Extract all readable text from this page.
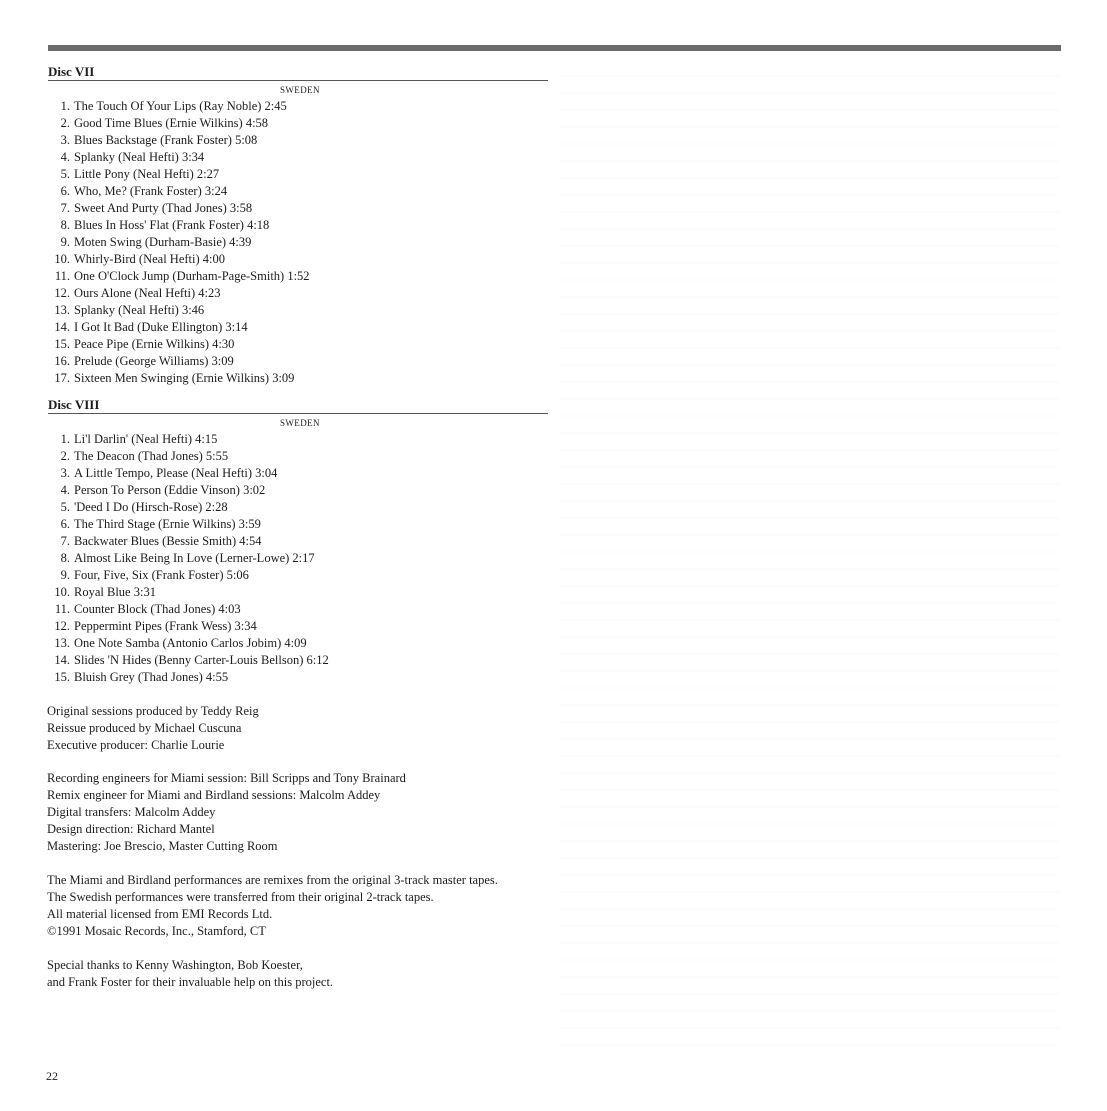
Disc VII
SWEDEN
1. The Touch Of Your Lips (Ray Noble) 2:45
2. Good Time Blues (Ernie Wilkins) 4:58
3. Blues Backstage (Frank Foster) 5:08
4. Splanky (Neal Hefti) 3:34
5. Little Pony (Neal Hefti) 2:27
6. Who, Me? (Frank Foster) 3:24
7. Sweet And Purty (Thad Jones) 3:58
8. Blues In Hoss' Flat (Frank Foster) 4:18
9. Moten Swing (Durham-Basie) 4:39
10. Whirly-Bird (Neal Hefti) 4:00
11. One O'Clock Jump (Durham-Page-Smith) 1:52
12. Ours Alone (Neal Hefti) 4:23
13. Splanky (Neal Hefti) 3:46
14. I Got It Bad (Duke Ellington) 3:14
15. Peace Pipe (Ernie Wilkins) 4:30
16. Prelude (George Williams) 3:09
17. Sixteen Men Swinging (Ernie Wilkins) 3:09
Disc VIII
SWEDEN
1. Li'l Darlin' (Neal Hefti) 4:15
2. The Deacon (Thad Jones) 5:55
3. A Little Tempo, Please (Neal Hefti) 3:04
4. Person To Person (Eddie Vinson) 3:02
5. 'Deed I Do (Hirsch-Rose) 2:28
6. The Third Stage (Ernie Wilkins) 3:59
7. Backwater Blues (Bessie Smith) 4:54
8. Almost Like Being In Love (Lerner-Lowe) 2:17
9. Four, Five, Six (Frank Foster) 5:06
10. Royal Blue 3:31
11. Counter Block (Thad Jones) 4:03
12. Peppermint Pipes (Frank Wess) 3:34
13. One Note Samba (Antonio Carlos Jobim) 4:09
14. Slides 'N Hides (Benny Carter-Louis Bellson) 6:12
15. Bluish Grey (Thad Jones) 4:55
Original sessions produced by Teddy Reig
Reissue produced by Michael Cuscuna
Executive producer: Charlie Lourie
Recording engineers for Miami session: Bill Scripps and Tony Brainard
Remix engineer for Miami and Birdland sessions: Malcolm Addey
Digital transfers: Malcolm Addey
Design direction: Richard Mantel
Mastering: Joe Brescio, Master Cutting Room
The Miami and Birdland performances are remixes from the original 3-track master tapes.
The Swedish performances were transferred from their original 2-track tapes.
All material licensed from EMI Records Ltd.
©1991 Mosaic Records, Inc., Stamford, CT
Special thanks to Kenny Washington, Bob Koester,
and Frank Foster for their invaluable help on this project.
22
